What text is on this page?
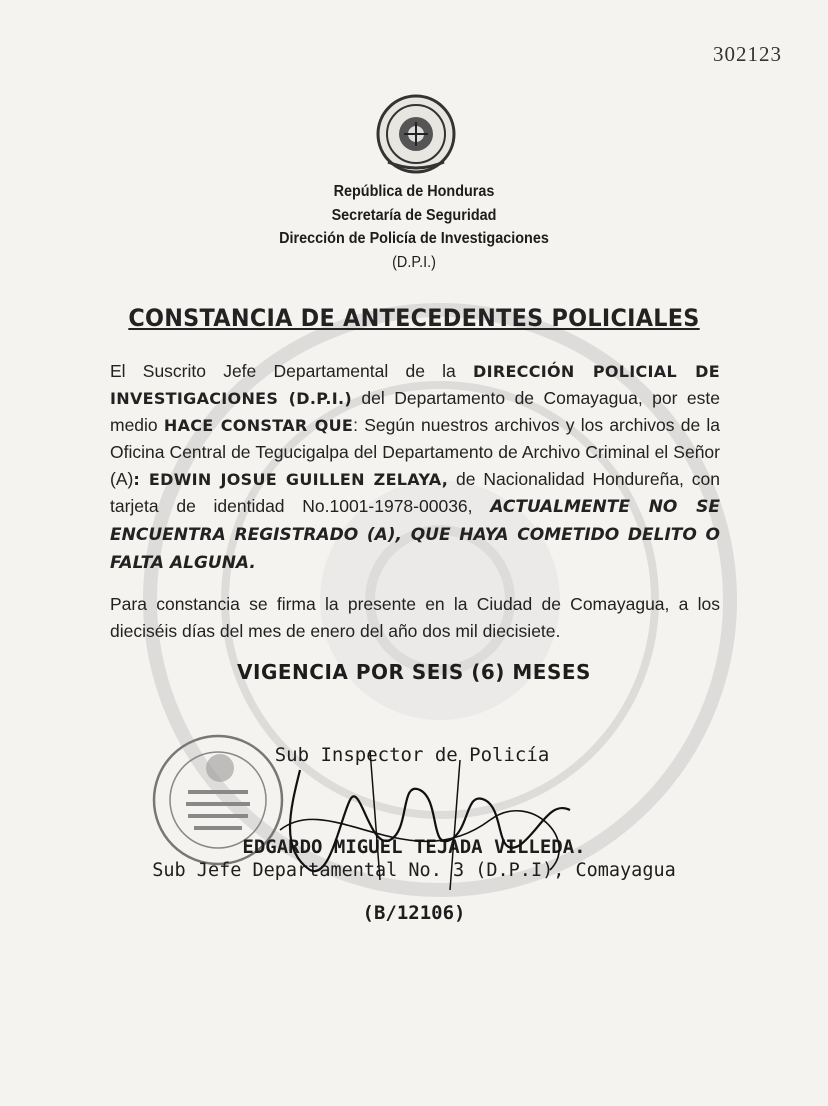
302123
República de Honduras
Secretaría de Seguridad
Dirección de Policía de Investigaciones
(D.P.I.)
CONSTANCIA DE ANTECEDENTES POLICIALES
El Suscrito Jefe Departamental de la DIRECCIÓN POLICIAL DE INVESTIGACIONES (D.P.I.) del Departamento de Comayagua, por este medio HACE CONSTAR QUE: Según nuestros archivos y los archivos de la Oficina Central de Tegucigalpa del Departamento de Archivo Criminal el Señor (A): EDWIN JOSUE GUILLEN ZELAYA, de Nacionalidad Hondureña, con tarjeta de identidad No.1001-1978-00036, ACTUALMENTE NO SE ENCUENTRA REGISTRADO (A), QUE HAYA COMETIDO DELITO O FALTA ALGUNA.
Para constancia se firma la presente en la Ciudad de Comayagua, a los dieciséis días del mes de enero del año dos mil diecisiete.
VIGENCIA POR SEIS (6) MESES
Sub Inspector de Policía
EDGARDO MIGUEL TEJADA VILLEDA.
Sub Jefe Departamental No. 3 (D.P.I), Comayagua
(B/12106)
